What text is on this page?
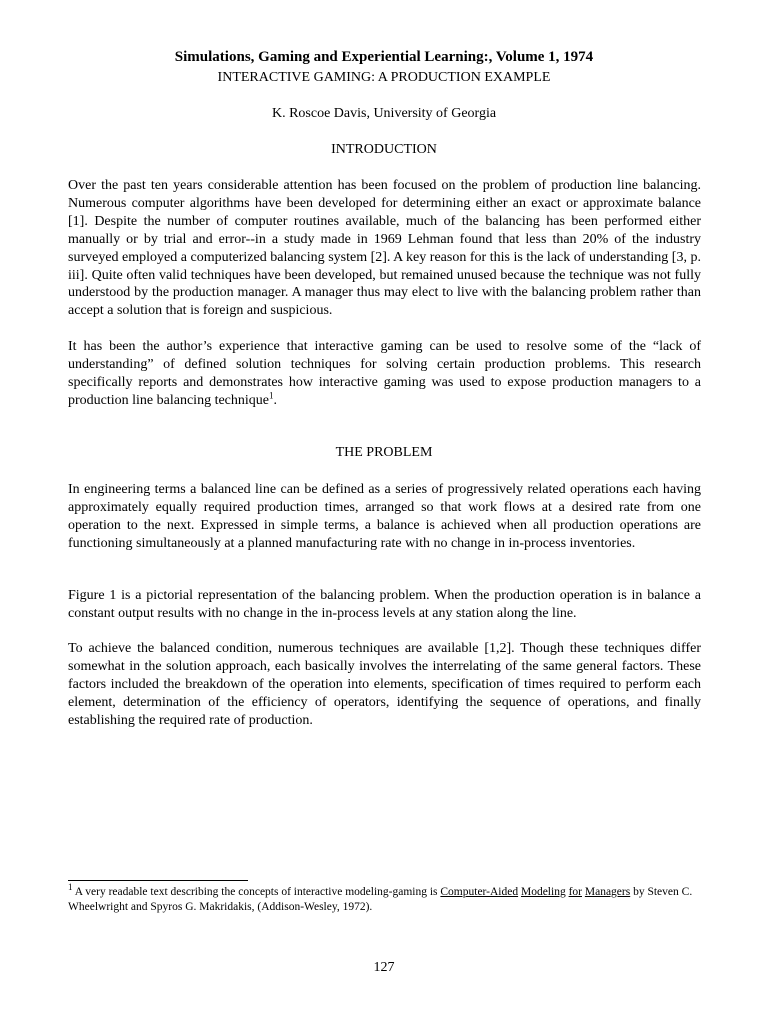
Simulations, Gaming and Experiential Learning:, Volume 1, 1974
INTERACTIVE GAMING: A PRODUCTION EXAMPLE
K. Roscoe Davis, University of Georgia
INTRODUCTION

Over the past ten years considerable attention has been focused on the problem of production line balancing. Numerous computer algorithms have been developed for determining either an exact or approximate balance [1]. Despite the number of computer routines available, much of the balancing has been performed either manually or by trial and error--in a study made in 1969 Lehman found that less than 20% of the industry surveyed employed a computerized balancing system [2]. A key reason for this is the lack of understanding [3, p. iii]. Quite often valid techniques have been developed, but remained unused because the technique was not fully understood by the production manager. A manager thus may elect to live with the balancing problem rather than accept a solution that is foreign and suspicious.

It has been the author’s experience that interactive gaming can be used to resolve some of the “lack of understanding” of defined solution techniques for solving certain production problems. This research specifically reports and demonstrates how interactive gaming was used to expose production managers to a production line balancing technique$^1$.

THE PROBLEM

In engineering terms a balanced line can be defined as a series of progressively related operations each having approximately equally required production times, arranged so that work flows at a desired rate from one operation to the next. Expressed in simple terms, a balance is achieved when all production operations are functioning simultaneously at a planned manufacturing rate with no change in in-process inventories.

Figure 1 is a pictorial representation of the balancing problem. When the production operation is in balance a constant output results with no change in the in-process levels at any station along the line.

To achieve the balanced condition, numerous techniques are available [1,2]. Though these techniques differ somewhat in the solution approach, each basically involves the interrelating of the same general factors. These factors included the breakdown of the operation into elements, specification of times required to perform each element, determination of the efficiency of operators, identifying the sequence of operations, and finally establishing the required rate of production.

$^1$ A very readable text describing the concepts of interactive modeling-gaming is Computer-Aided Modeling for Managers by Steven C. Wheelwright and Spyros G. Makridakis, (Addison-Wesley, 1972).

127
